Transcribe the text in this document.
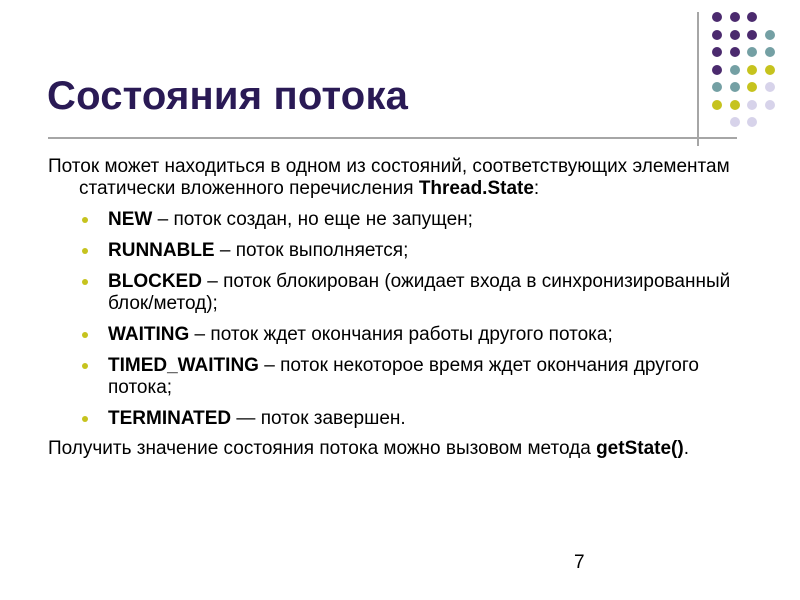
Состояния потока

Поток может находиться в одном из состояний, соответствующих элементам статически вложенного перечисления Thread.State:

NEW – поток создан, но еще не запущен;
RUNNABLE – поток выполняется;
BLOCKED – поток блокирован (ожидает входа в синхронизированный блок/метод);
WAITING – поток ждет окончания работы другого потока;
TIMED_WAITING – поток некоторое время ждет окончания другого потока;
TERMINATED — поток завершен.

Получить значение состояния потока можно вызовом метода getState().

7
